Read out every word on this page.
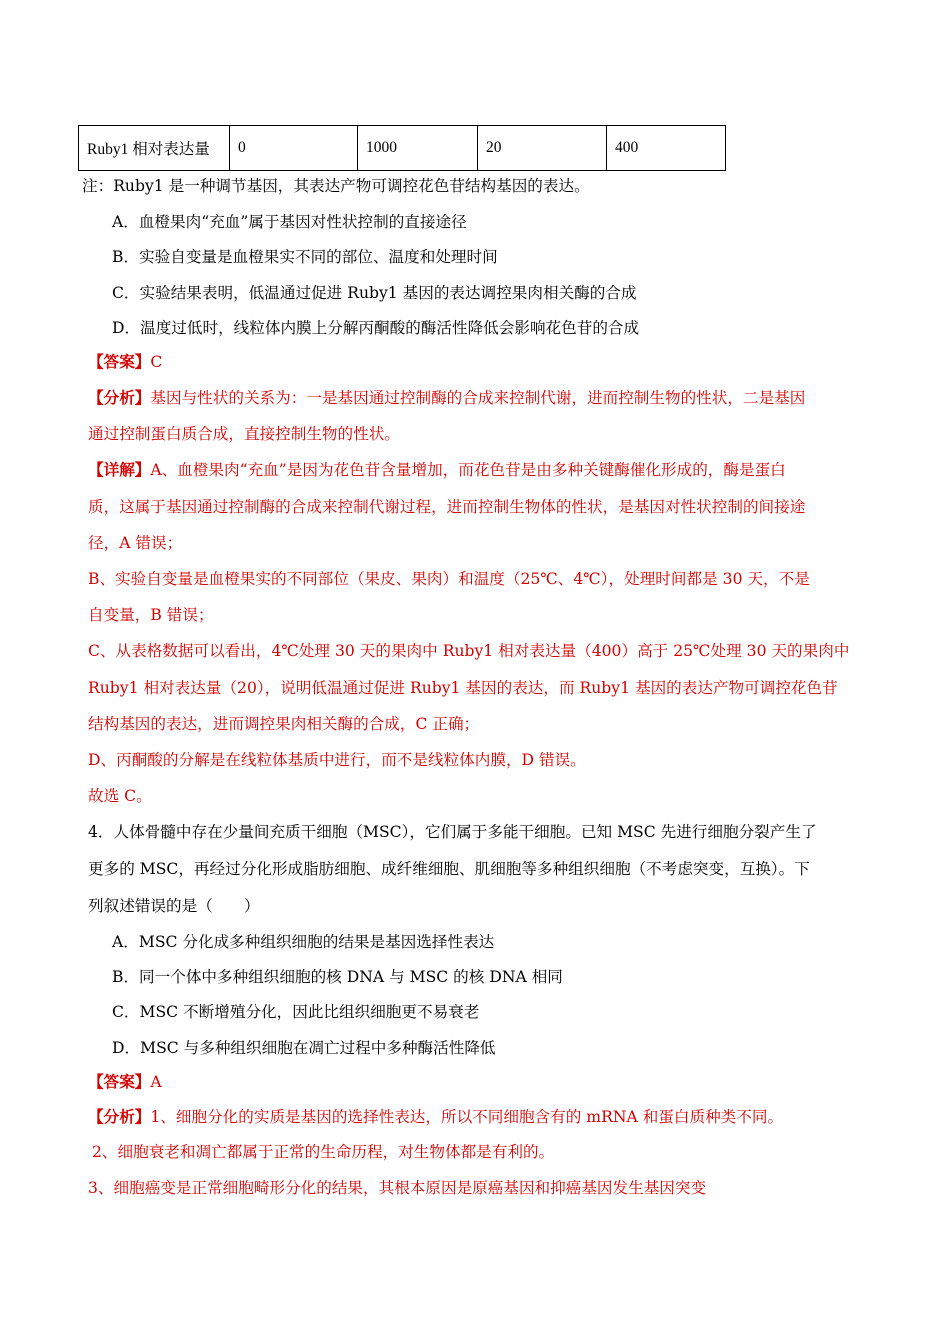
Ruby1 相对表达量	0	1000	20	400
注：Ruby1 是一种调节基因，其表达产物可调控花色苷结构基因的表达。
A．血橙果肉“充血”属于基因对性状控制的直接途径
B．实验自变量是血橙果实不同的部位、温度和处理时间
C．实验结果表明，低温通过促进 Ruby1 基因的表达调控果肉相关酶的合成
D．温度过低时，线粒体内膜上分解丙酮酸的酶活性降低会影响花色苷的合成
【答案】C
【分析】基因与性状的关系为：一是基因通过控制酶的合成来控制代谢，进而控制生物的性状，二是基因
通过控制蛋白质合成，直接控制生物的性状。
【详解】A、血橙果肉“充血”是因为花色苷含量增加，而花色苷是由多种关键酶催化形成的，酶是蛋白
质，这属于基因通过控制酶的合成来控制代谢过程，进而控制生物体的性状，是基因对性状控制的间接途
径，A 错误；
B、实验自变量是血橙果实的不同部位（果皮、果肉）和温度（25℃、4℃），处理时间都是 30 天，不是
自变量，B 错误；
C、从表格数据可以看出，4℃处理 30 天的果肉中 Ruby1 相对表达量（400）高于 25℃处理 30 天的果肉中
Ruby1 相对表达量（20），说明低温通过促进 Ruby1 基因的表达，而 Ruby1 基因的表达产物可调控花色苷
结构基因的表达，进而调控果肉相关酶的合成，C 正确；
D、丙酮酸的分解是在线粒体基质中进行，而不是线粒体内膜，D 错误。
故选 C。
4．人体骨髓中存在少量间充质干细胞（MSC），它们属于多能干细胞。已知 MSC 先进行细胞分裂产生了
更多的 MSC，再经过分化形成脂肪细胞、成纤维细胞、肌细胞等多种组织细胞（不考虑突变，互换）。下
列叙述错误的是（　　）
A．MSC 分化成多种组织细胞的结果是基因选择性表达
B．同一个体中多种组织细胞的核 DNA 与 MSC 的核 DNA 相同
C．MSC 不断增殖分化，因此比组织细胞更不易衰老
D．MSC 与多种组织细胞在凋亡过程中多种酶活性降低
【答案】A
【分析】1、细胞分化的实质是基因的选择性表达，所以不同细胞含有的 mRNA 和蛋白质种类不同。
2、细胞衰老和凋亡都属于正常的生命历程，对生物体都是有利的。
3、细胞癌变是正常细胞畸形分化的结果，其根本原因是原癌基因和抑癌基因发生基因突变
